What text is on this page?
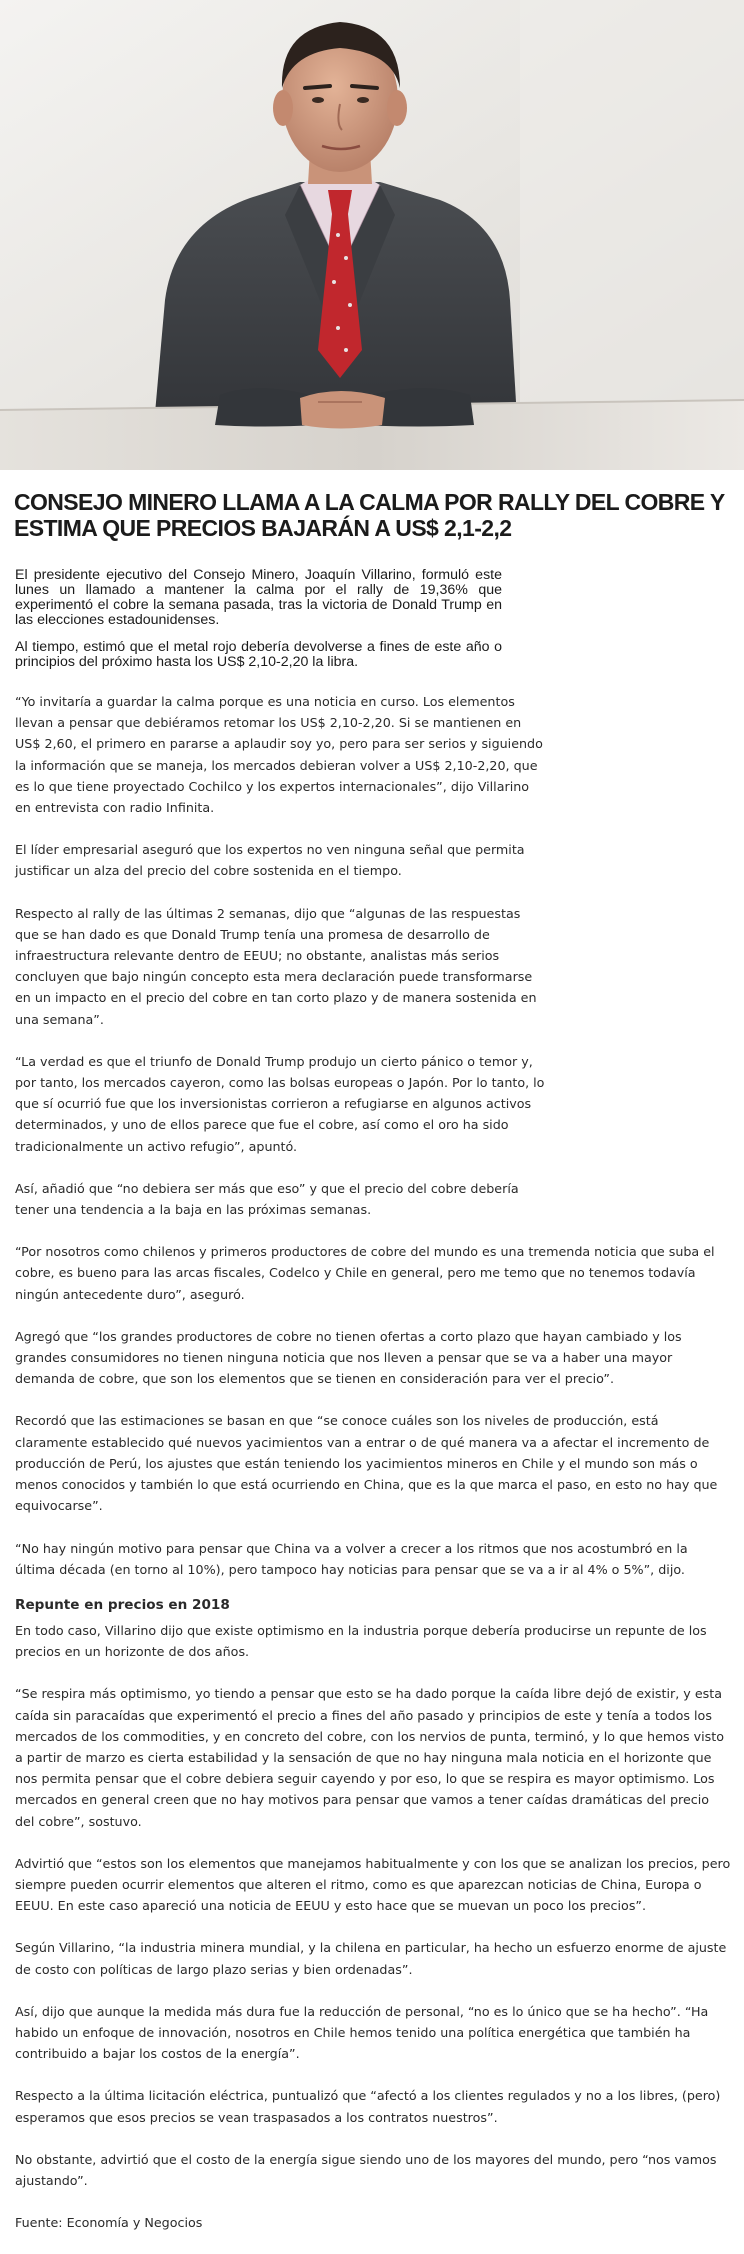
CONSEJO MINERO LLAMA A LA CALMA POR RALLY DEL COBRE Y ESTIMA QUE PRECIOS BAJARÁN A US$ 2,1-2,2

El presidente ejecutivo del Consejo Minero, Joaquín Villarino, formuló este lunes un llamado a mantener la calma por el rally de 19,36% que experimentó el cobre la semana pasada, tras la victoria de Donald Trump en las elecciones estadounidenses.

Al tiempo, estimó que el metal rojo debería devolverse a fines de este año o principios del próximo hasta los US$ 2,10-2,20 la libra.

“Yo invitaría a guardar la calma porque es una noticia en curso. Los elementos llevan a pensar que debiéramos retomar los US$ 2,10-2,20. Si se mantienen en US$ 2,60, el primero en pararse a aplaudir soy yo, pero para ser serios y siguiendo la información que se maneja, los mercados debieran volver a US$ 2,10-2,20, que es lo que tiene proyectado Cochilco y los expertos internacionales”, dijo Villarino en entrevista con radio Infinita.

El líder empresarial aseguró que los expertos no ven ninguna señal que permita justificar un alza del precio del cobre sostenida en el tiempo.

Respecto al rally de las últimas 2 semanas, dijo que “algunas de las respuestas que se han dado es que Donald Trump tenía una promesa de desarrollo de infraestructura relevante dentro de EEUU; no obstante, analistas más serios concluyen que bajo ningún concepto esta mera declaración puede transformarse en un impacto en el precio del cobre en tan corto plazo y de manera sostenida en una semana”.

“La verdad es que el triunfo de Donald Trump produjo un cierto pánico o temor y, por tanto, los mercados cayeron, como las bolsas europeas o Japón. Por lo tanto, lo que sí ocurrió fue que los inversionistas corrieron a refugiarse en algunos activos determinados, y uno de ellos parece que fue el cobre, así como el oro ha sido tradicionalmente un activo refugio”, apuntó.

Así, añadió que “no debiera ser más que eso” y que el precio del cobre debería tener una tendencia a la baja en las próximas semanas.

“Por nosotros como chilenos y primeros productores de cobre del mundo es una tremenda noticia que suba el cobre, es bueno para las arcas fiscales, Codelco y Chile en general, pero me temo que no tenemos todavía ningún antecedente duro”, aseguró.

Agregó que “los grandes productores de cobre no tienen ofertas a corto plazo que hayan cambiado y los grandes consumidores no tienen ninguna noticia que nos lleven a pensar que se va a haber una mayor demanda de cobre, que son los elementos que se tienen en consideración para ver el precio”.

Recordó que las estimaciones se basan en que “se conoce cuáles son los niveles de producción, está claramente establecido qué nuevos yacimientos van a entrar o de qué manera va a afectar el incremento de producción de Perú, los ajustes que están teniendo los yacimientos mineros en Chile y el mundo son más o menos conocidos y también lo que está ocurriendo en China, que es la que marca el paso, en esto no hay que equivocarse”.

“No hay ningún motivo para pensar que China va a volver a crecer a los ritmos que nos acostumbró en la última década (en torno al 10%), pero tampoco hay noticias para pensar que se va a ir al 4% o 5%”, dijo.

Repunte en precios en 2018

En todo caso, Villarino dijo que existe optimismo en la industria porque debería producirse un repunte de los precios en un horizonte de dos años.

“Se respira más optimismo, yo tiendo a pensar que esto se ha dado porque la caída libre dejó de existir, y esta caída sin paracaídas que experimentó el precio a fines del año pasado y principios de este y tenía a todos los mercados de los commodities, y en concreto del cobre, con los nervios de punta, terminó, y lo que hemos visto a partir de marzo es cierta estabilidad y la sensación de que no hay ninguna mala noticia en el horizonte que nos permita pensar que el cobre debiera seguir cayendo y por eso, lo que se respira es mayor optimismo. Los mercados en general creen que no hay motivos para pensar que vamos a tener caídas dramáticas del precio del cobre”, sostuvo.

Advirtió que “estos son los elementos que manejamos habitualmente y con los que se analizan los precios, pero siempre pueden ocurrir elementos que alteren el ritmo, como es que aparezcan noticias de China, Europa o EEUU. En este caso apareció una noticia de EEUU y esto hace que se muevan un poco los precios”.

Según Villarino, “la industria minera mundial, y la chilena en particular, ha hecho un esfuerzo enorme de ajuste de costo con políticas de largo plazo serias y bien ordenadas”.

Así, dijo que aunque la medida más dura fue la reducción de personal, “no es lo único que se ha hecho”. “Ha habido un enfoque de innovación, nosotros en Chile hemos tenido una política energética que también ha contribuido a bajar los costos de la energía”.

Respecto a la última licitación eléctrica, puntualizó que “afectó a los clientes regulados y no a los libres, (pero) esperamos que esos precios se vean traspasados a los contratos nuestros”.

No obstante, advirtió que el costo de la energía sigue siendo uno de los mayores del mundo, pero “nos vamos ajustando”.

Fuente: Economía y Negocios
